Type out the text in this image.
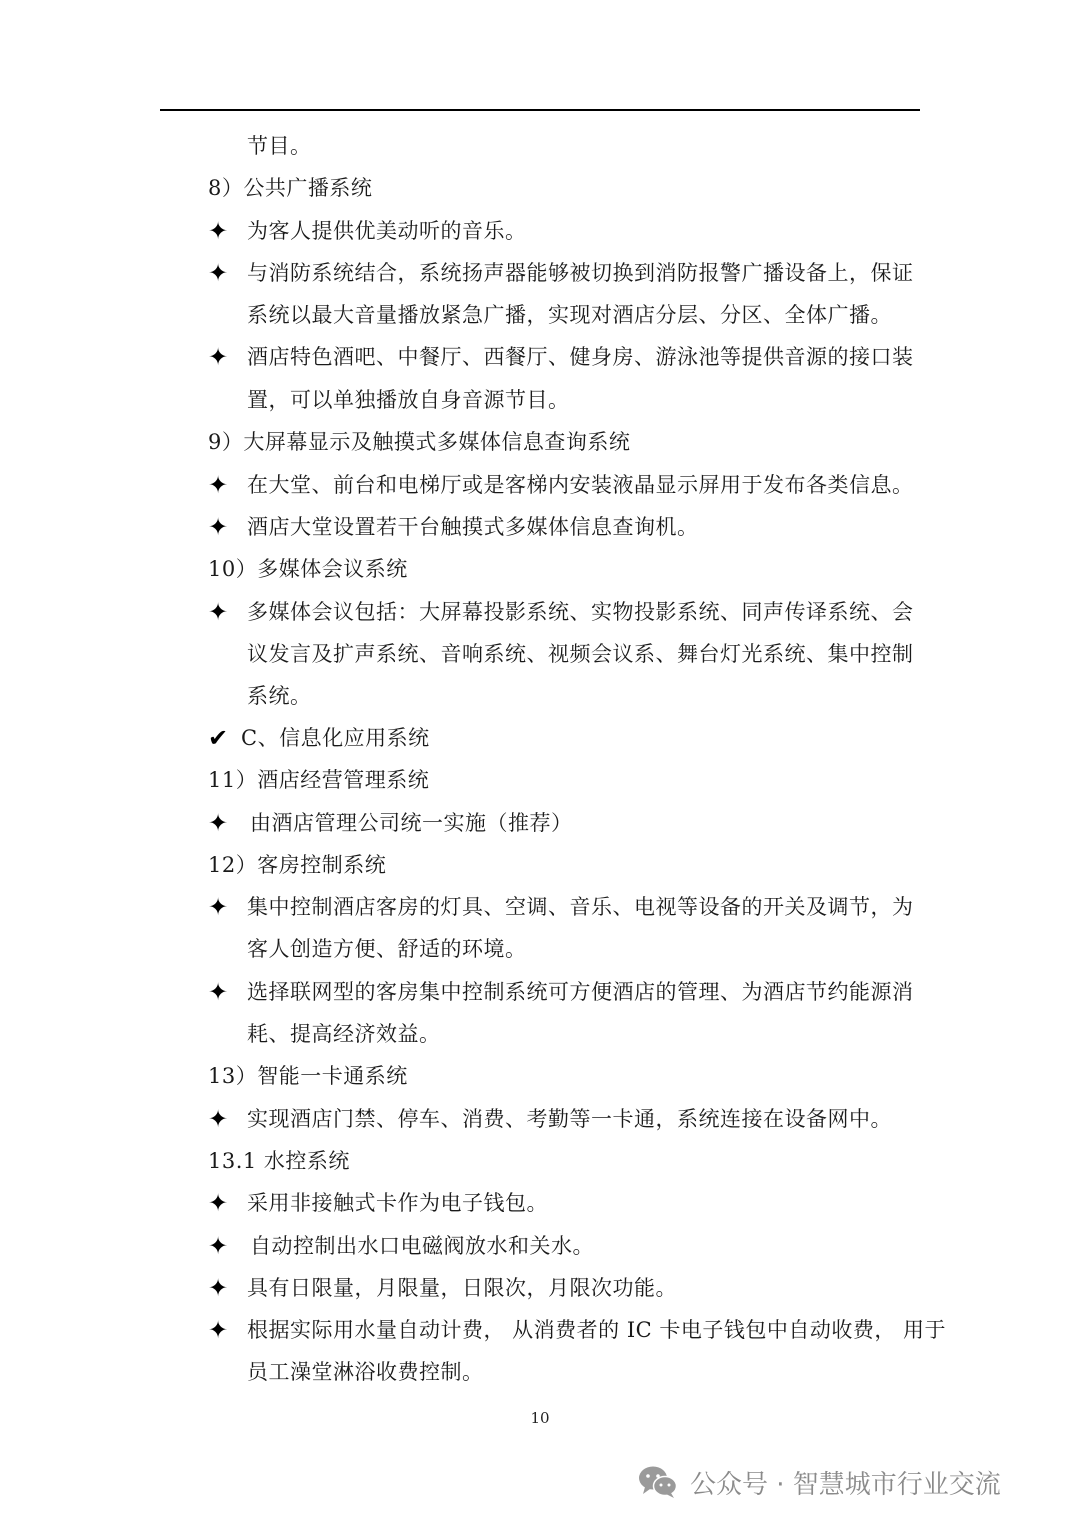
节目。
8）公共广播系统
✦ 为客人提供优美动听的音乐。
✦ 与消防系统结合，系统扬声器能够被切换到消防报警广播设备上，保证
系统以最大音量播放紧急广播，实现对酒店分层、分区、全体广播。
✦ 酒店特色酒吧、中餐厅、西餐厅、健身房、游泳池等提供音源的接口装
置，可以单独播放自身音源节目。
9）大屏幕显示及触摸式多媒体信息查询系统
✦ 在大堂、前台和电梯厅或是客梯内安装液晶显示屏用于发布各类信息。
✦ 酒店大堂设置若干台触摸式多媒体信息查询机。
10）多媒体会议系统
✦ 多媒体会议包括：大屏幕投影系统、实物投影系统、同声传译系统、会
议发言及扩声系统、音响系统、视频会议系、舞台灯光系统、集中控制
系统。
✔ C、信息化应用系统
11）酒店经营管理系统
✦ 由酒店管理公司统一实施（推荐）
12）客房控制系统
✦ 集中控制酒店客房的灯具、空调、音乐、电视等设备的开关及调节，为
客人创造方便、舒适的环境。
✦ 选择联网型的客房集中控制系统可方便酒店的管理、为酒店节约能源消
耗、提高经济效益。
13）智能一卡通系统
✦ 实现酒店门禁、停车、消费、考勤等一卡通，系统连接在设备网中。
13.1 水控系统
✦ 采用非接触式卡作为电子钱包。
✦ 自动控制出水口电磁阀放水和关水。
✦ 具有日限量，月限量，日限次，月限次功能。
✦ 根据实际用水量自动计费， 从消费者的 IC 卡电子钱包中自动收费， 用于
员工澡堂淋浴收费控制。
10
公众号 · 智慧城市行业交流
